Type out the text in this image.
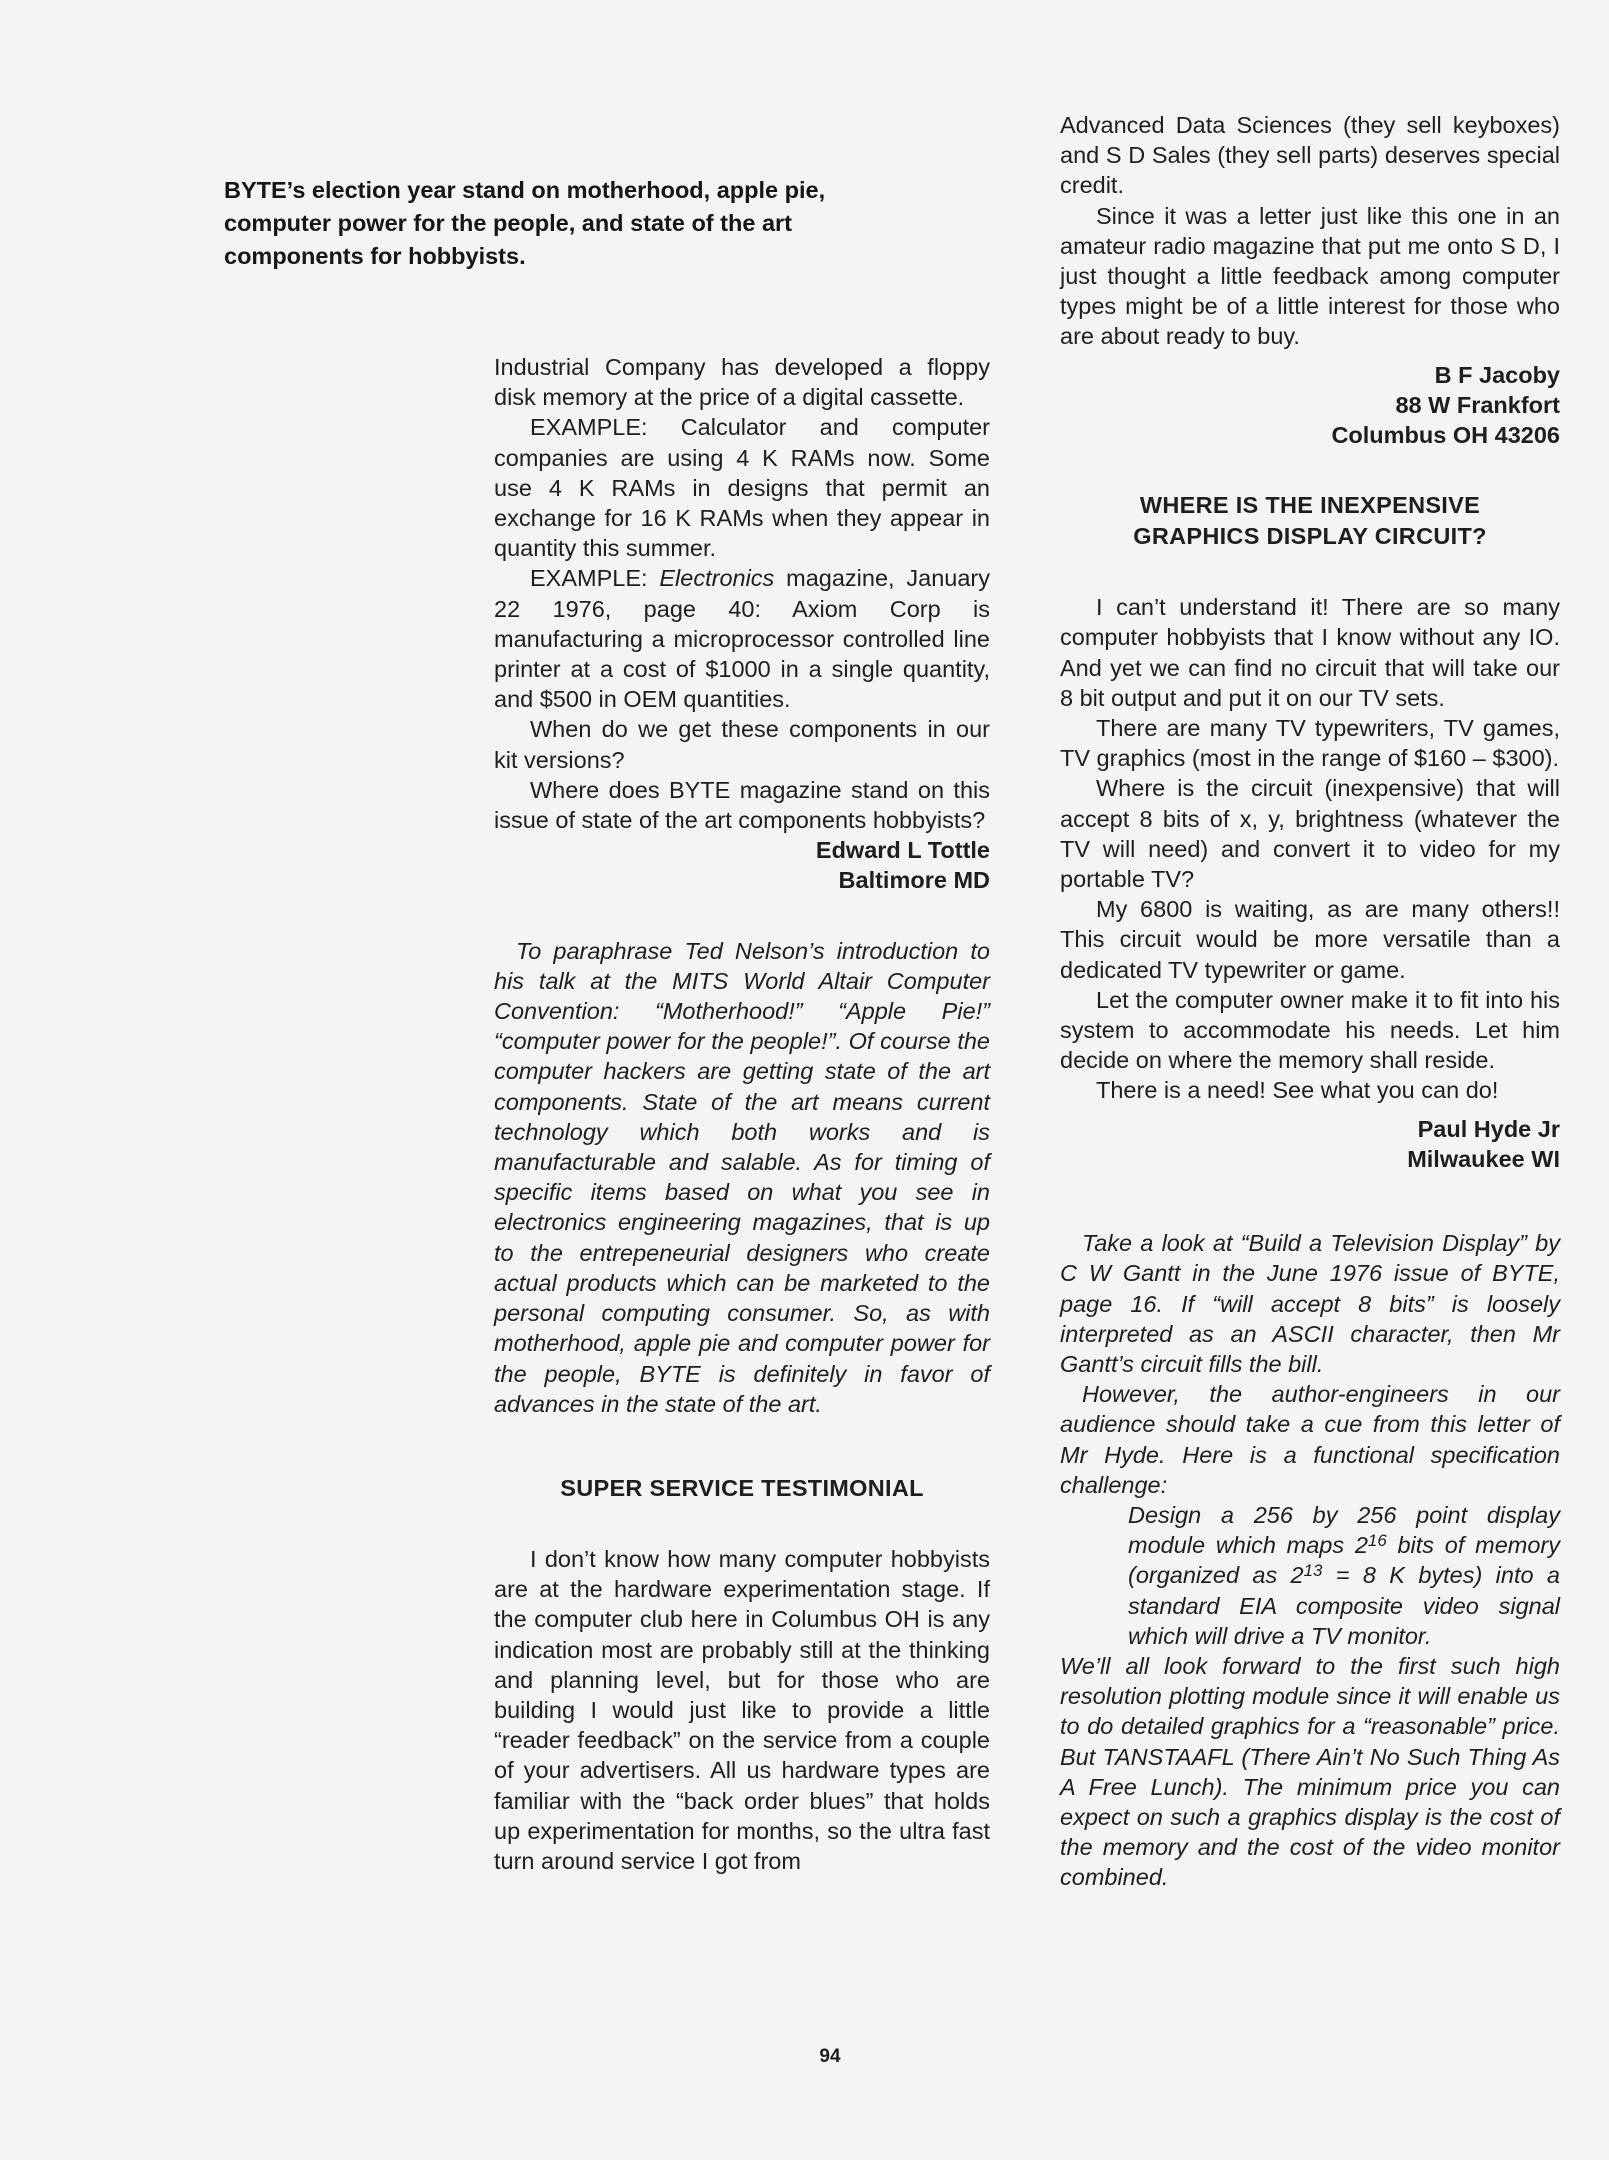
BYTE’s election year stand on motherhood, apple pie, computer power for the people, and state of the art components for hobbyists.

Industrial Company has developed a floppy disk memory at the price of a digital cassette.

EXAMPLE: Calculator and computer companies are using 4 K RAMs now. Some use 4 K RAMs in designs that permit an exchange for 16 K RAMs when they appear in quantity this summer.

EXAMPLE: Electronics magazine, January 22 1976, page 40: Axiom Corp is manufacturing a microprocessor controlled line printer at a cost of $1000 in a single quantity, and $500 in OEM quantities.

When do we get these components in our kit versions?

Where does BYTE magazine stand on this issue of state of the art components hobbyists?

Edward L Tottle

Baltimore MD

To paraphrase Ted Nelson’s introduction to his talk at the MITS World Altair Computer Convention: “Motherhood!” “Apple Pie!” “computer power for the people!”. Of course the computer hackers are getting state of the art components. State of the art means current technology which both works and is manufacturable and salable. As for timing of specific items based on what you see in electronics engineering magazines, that is up to the entrepeneurial designers who create actual products which can be marketed to the personal computing consumer. So, as with motherhood, apple pie and computer power for the people, BYTE is definitely in favor of advances in the state of the art.

SUPER SERVICE TESTIMONIAL

I don’t know how many computer hobbyists are at the hardware experimentation stage. If the computer club here in Columbus OH is any indication most are probably still at the thinking and planning level, but for those who are building I would just like to provide a little “reader feedback” on the service from a couple of your advertisers. All us hardware types are familiar with the “back order blues” that holds up experimentation for months, so the ultra fast turn around service I got from

Advanced Data Sciences (they sell keyboxes) and S D Sales (they sell parts) deserves special credit.

Since it was a letter just like this one in an amateur radio magazine that put me onto S D, I just thought a little feedback among computer types might be of a little interest for those who are about ready to buy.

B F Jacoby

88 W Frankfort

Columbus OH 43206

WHERE IS THE INEXPENSIVE

GRAPHICS DISPLAY CIRCUIT?

I can’t understand it! There are so many computer hobbyists that I know without any IO. And yet we can find no circuit that will take our 8 bit output and put it on our TV sets.

There are many TV typewriters, TV games, TV graphics (most in the range of $160 – $300).

Where is the circuit (inexpensive) that will accept 8 bits of x, y, brightness (whatever the TV will need) and convert it to video for my portable TV?

My 6800 is waiting, as are many others!! This circuit would be more versatile than a dedicated TV typewriter or game.

Let the computer owner make it to fit into his system to accommodate his needs. Let him decide on where the memory shall reside.

There is a need! See what you can do!

Paul Hyde Jr

Milwaukee WI

Take a look at “Build a Television Display” by C W Gantt in the June 1976 issue of BYTE, page 16. If “will accept 8 bits” is loosely interpreted as an ASCII character, then Mr Gantt’s circuit fills the bill.

However, the author-engineers in our audience should take a cue from this letter of Mr Hyde. Here is a functional specification challenge:

Design a 256 by 256 point display module which maps $2^{16}$ bits of memory (organized as $2^{13} = 8$ K bytes) into a standard EIA composite video signal which will drive a TV monitor.

We’ll all look forward to the first such high resolution plotting module since it will enable us to do detailed graphics for a “reasonable” price. But TANSTAAFL (There Ain’t No Such Thing As A Free Lunch). The minimum price you can expect on such a graphics display is the cost of the memory and the cost of the video monitor combined.

94
